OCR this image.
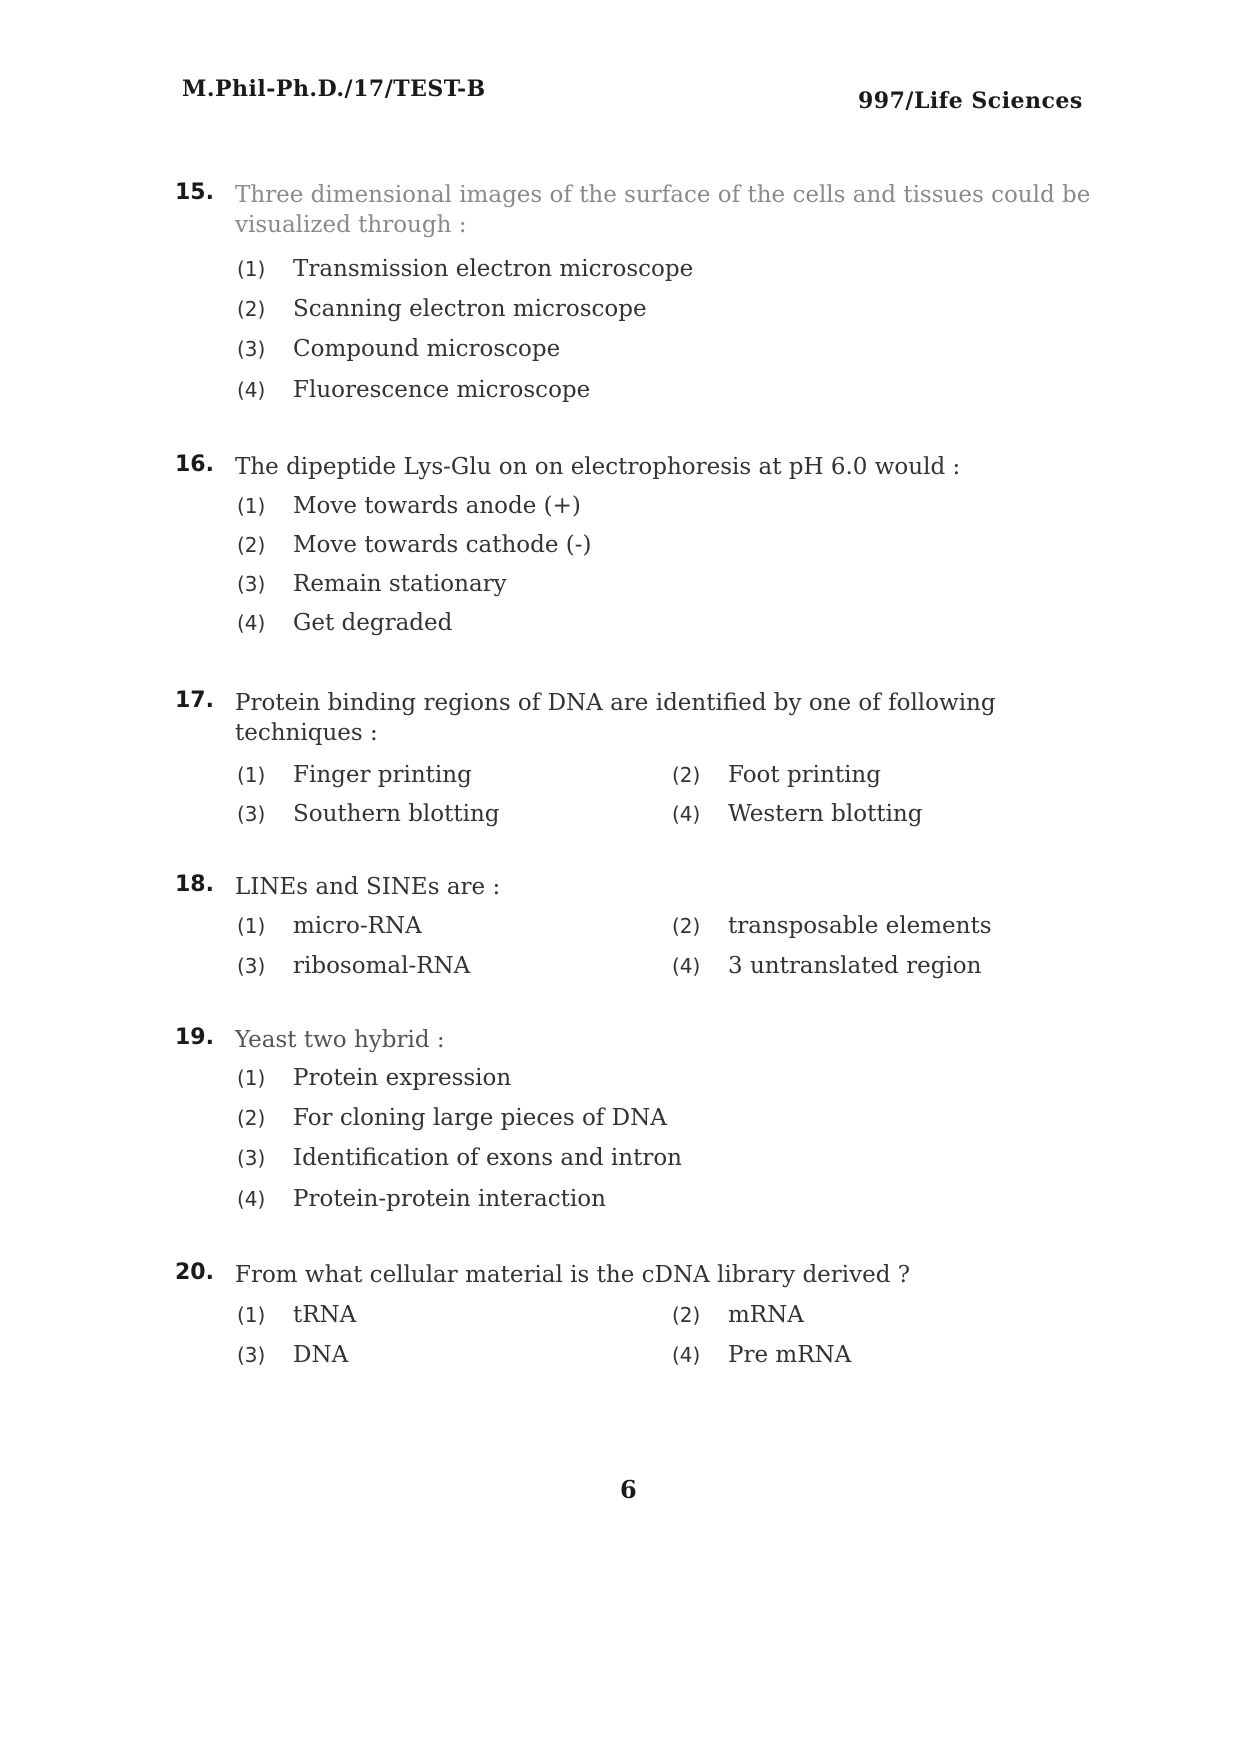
M.Phil-Ph.D./17/TEST-B	997/Life Sciences
15. Three dimensional images of the surface of the cells and tissues could be visualized through :
(1) Transmission electron microscope
(2) Scanning electron microscope
(3) Compound microscope
(4) Fluorescence microscope
16. The dipeptide Lys-Glu on on electrophoresis at pH 6.0 would :
(1) Move towards anode (+)
(2) Move towards cathode (-)
(3) Remain stationary
(4) Get degraded
17. Protein binding regions of DNA are identified by one of following techniques :
(1) Finger printing	(2) Foot printing
(3) Southern blotting	(4) Western blotting
18. LINEs and SINEs are :
(1) micro-RNA	(2) transposable elements
(3) ribosomal-RNA	(4) 3 untranslated region
19. Yeast two hybrid :
(1) Protein expression
(2) For cloning large pieces of DNA
(3) Identification of exons and intron
(4) Protein-protein interaction
20. From what cellular material is the cDNA library derived ?
(1) tRNA	(2) mRNA
(3) DNA	(4) Pre mRNA
6
